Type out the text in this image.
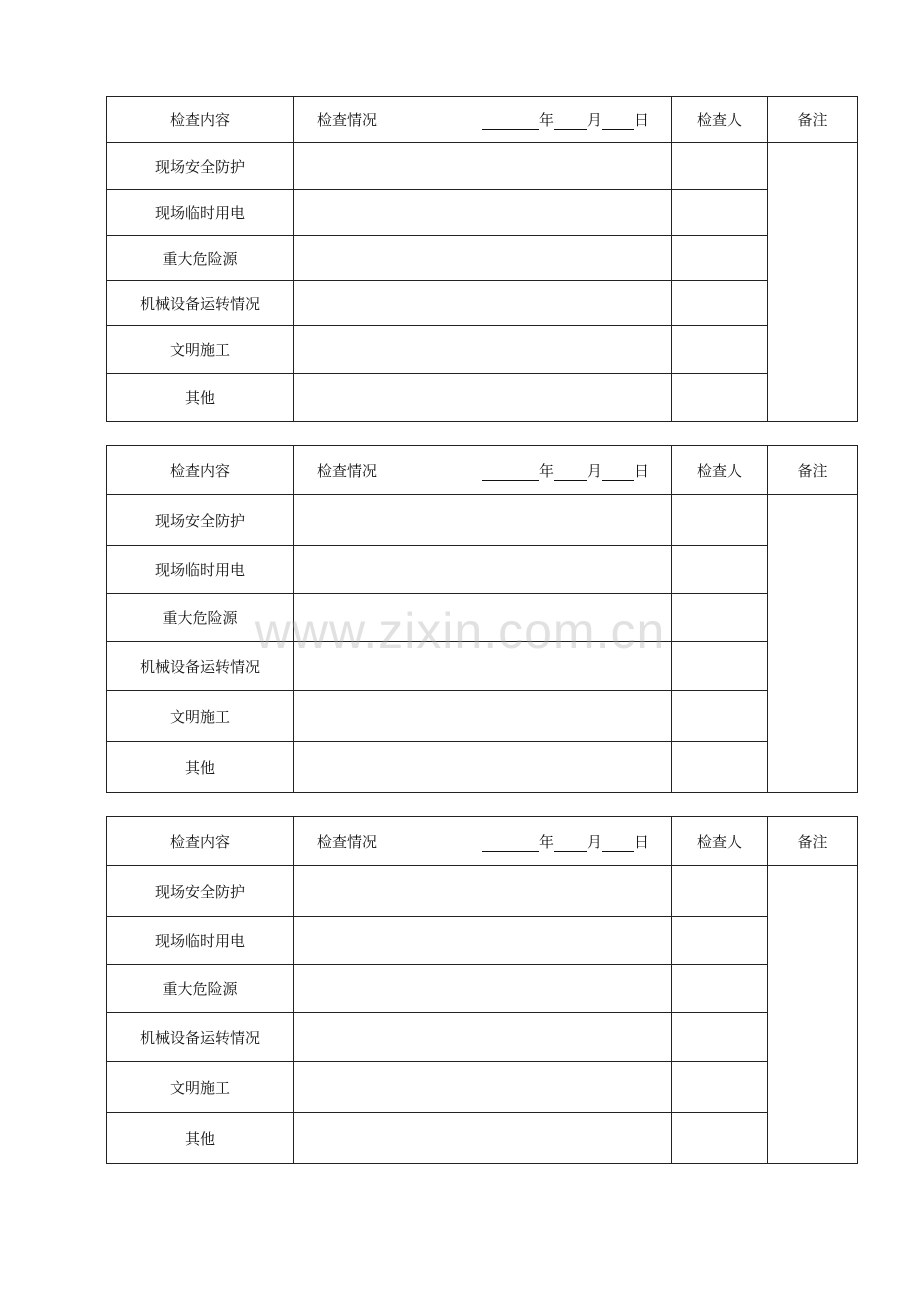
检查内容	检查情况 年 月 日	检查人	备注
现场安全防护			
现场临时用电			
重大危险源			
机械设备运转情况			
文明施工			
其他			
检查内容	检查情况 年 月 日	检查人	备注
现场安全防护			
现场临时用电			
重大危险源			
机械设备运转情况			
文明施工			
其他			
检查内容	检查情况 年 月 日	检查人	备注
现场安全防护			
现场临时用电			
重大危险源			
机械设备运转情况			
文明施工			
其他			
www.zixin.com.cn
